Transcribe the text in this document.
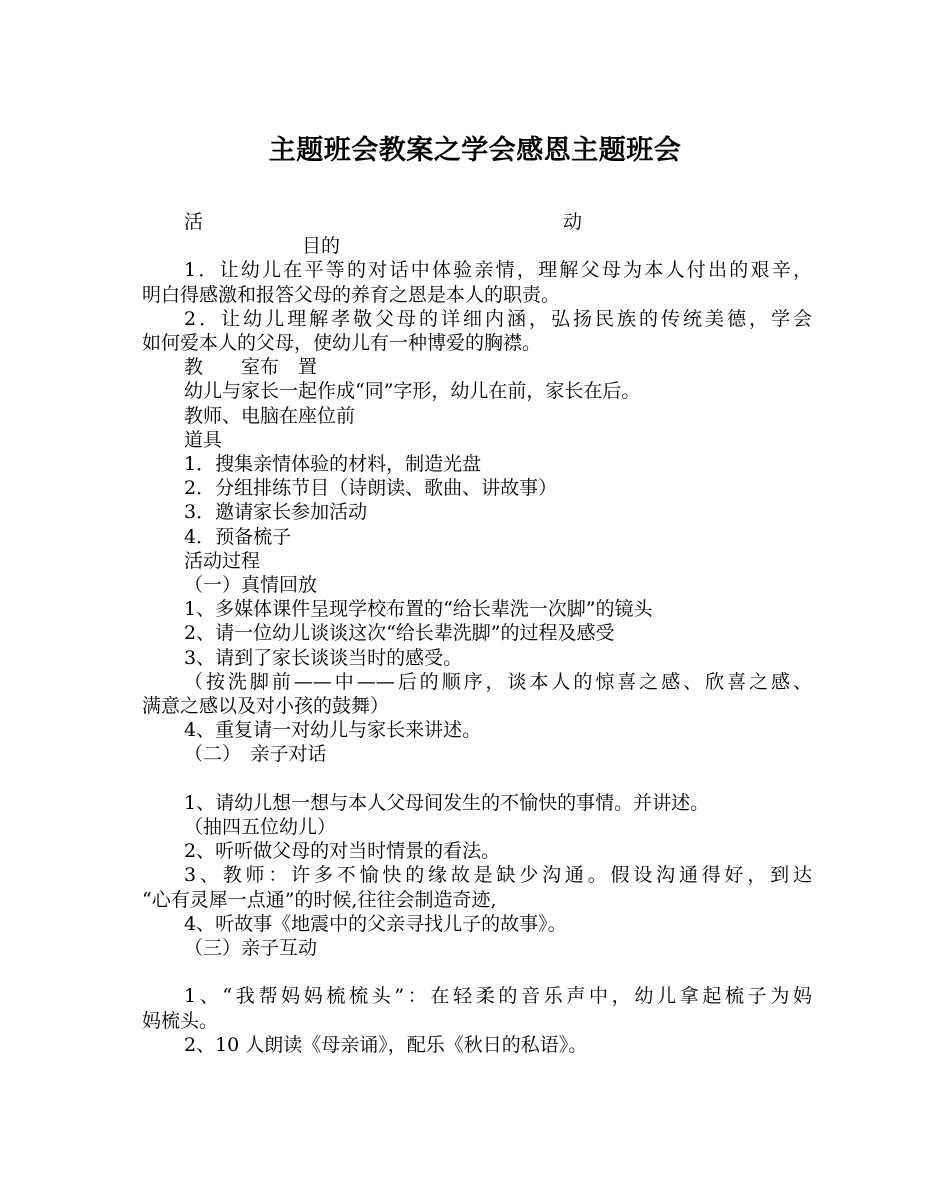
主题班会教案之学会感恩主题班会
活	动
目的

1．让幼儿在平等的对话中体验亲情，理解父母为本人付出的艰辛，

明白得感激和报答父母的养育之恩是本人的职责。

2．让幼儿理解孝敬父母的详细内涵，弘扬民族的传统美德，学会

如何爱本人的父母，使幼儿有一种博爱的胸襟。

教　　室布　置

幼儿与家长一起作成“同”字形，幼儿在前，家长在后。

教师、电脑在座位前

道具

1．搜集亲情体验的材料，制造光盘

2．分组排练节目（诗朗读、歌曲、讲故事）

3．邀请家长参加活动

4．预备梳子

活动过程

（一）真情回放

1、多媒体课件呈现学校布置的“给长辈洗一次脚”的镜头

2、请一位幼儿谈谈这次“给长辈洗脚”的过程及感受

3、请到了家长谈谈当时的感受。

（按洗脚前——中——后的顺序，谈本人的惊喜之感、欣喜之感、

满意之感以及对小孩的鼓舞）

4、重复请一对幼儿与家长来讲述。

（二）　亲子对话

1、请幼儿想一想与本人父母间发生的不愉快的事情。并讲述。

（抽四五位幼儿）

2、听听做父母的对当时情景的看法。

3、教师：许多不愉快的缘故是缺少沟通。假设沟通得好，到达

“心有灵犀一点通”的时候,往往会制造奇迹,

4、听故事《地震中的父亲寻找儿子的故事》。

（三）亲子互动

1、“我帮妈妈梳梳头”：在轻柔的音乐声中，幼儿拿起梳子为妈

妈梳头。

2、10 人朗读《母亲诵》，配乐《秋日的私语》。
